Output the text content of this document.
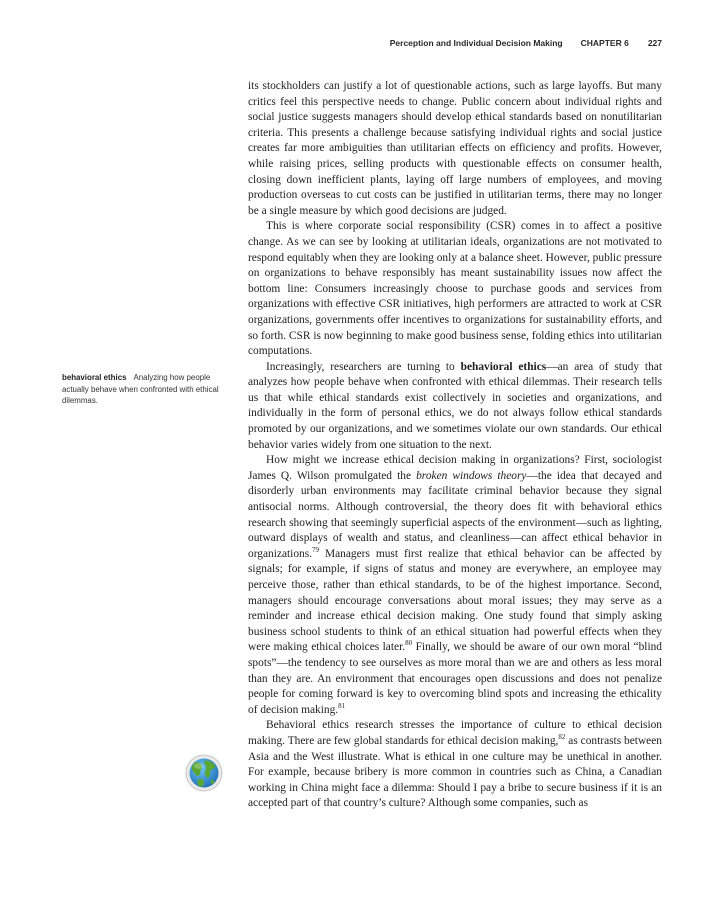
Perception and Individual Decision Making CHAPTER 6 227
behavioral ethics Analyzing how people actually behave when confronted with ethical dilemmas.

its stockholders can justify a lot of questionable actions, such as large layoffs. But many critics feel this perspective needs to change. Public concern about individual rights and social justice suggests managers should develop ethical standards based on nonutilitarian criteria. This presents a challenge because satisfying individual rights and social justice creates far more ambiguities than utilitarian effects on efficiency and profits. However, while raising prices, selling products with questionable effects on consumer health, closing down inefficient plants, laying off large numbers of employees, and moving production overseas to cut costs can be justified in utilitarian terms, there may no longer be a single measure by which good decisions are judged.

This is where corporate social responsibility (CSR) comes in to affect a positive change. As we can see by looking at utilitarian ideals, organizations are not motivated to respond equitably when they are looking only at a balance sheet. However, public pressure on organizations to behave responsibly has meant sustainability issues now affect the bottom line: Consumers increasingly choose to purchase goods and services from organizations with effective CSR initiatives, high performers are attracted to work at CSR organizations, governments offer incentives to organizations for sustainability efforts, and so forth. CSR is now beginning to make good business sense, folding ethics into utilitarian computations.

Increasingly, researchers are turning to behavioral ethics—an area of study that analyzes how people behave when confronted with ethical dilemmas. Their research tells us that while ethical standards exist collectively in societies and organizations, and individually in the form of personal ethics, we do not always follow ethical standards promoted by our organizations, and we sometimes violate our own standards. Our ethical behavior varies widely from one situation to the next.

How might we increase ethical decision making in organizations? First, sociologist James Q. Wilson promulgated the broken windows theory—the idea that decayed and disorderly urban environments may facilitate criminal behavior because they signal antisocial norms. Although controversial, the theory does fit with behavioral ethics research showing that seemingly superficial aspects of the environment—such as lighting, outward displays of wealth and status, and cleanliness—can affect ethical behavior in organizations.$^{79}$ Managers must first realize that ethical behavior can be affected by signals; for example, if signs of status and money are everywhere, an employee may perceive those, rather than ethical standards, to be of the highest importance. Second, managers should encourage conversations about moral issues; they may serve as a reminder and increase ethical decision making. One study found that simply asking business school students to think of an ethical situation had powerful effects when they were making ethical choices later.$^{80}$ Finally, we should be aware of our own moral “blind spots”—the tendency to see ourselves as more moral than we are and others as less moral than they are. An environment that encourages open discussions and does not penalize people for coming forward is key to overcoming blind spots and increasing the ethicality of decision making.$^{81}$

Behavioral ethics research stresses the importance of culture to ethical decision making. There are few global standards for ethical decision making,$^{82}$ as contrasts between Asia and the West illustrate. What is ethical in one culture may be unethical in another. For example, because bribery is more common in countries such as China, a Canadian working in China might face a dilemma: Should I pay a bribe to secure business if it is an accepted part of that country’s culture? Although some companies, such as
